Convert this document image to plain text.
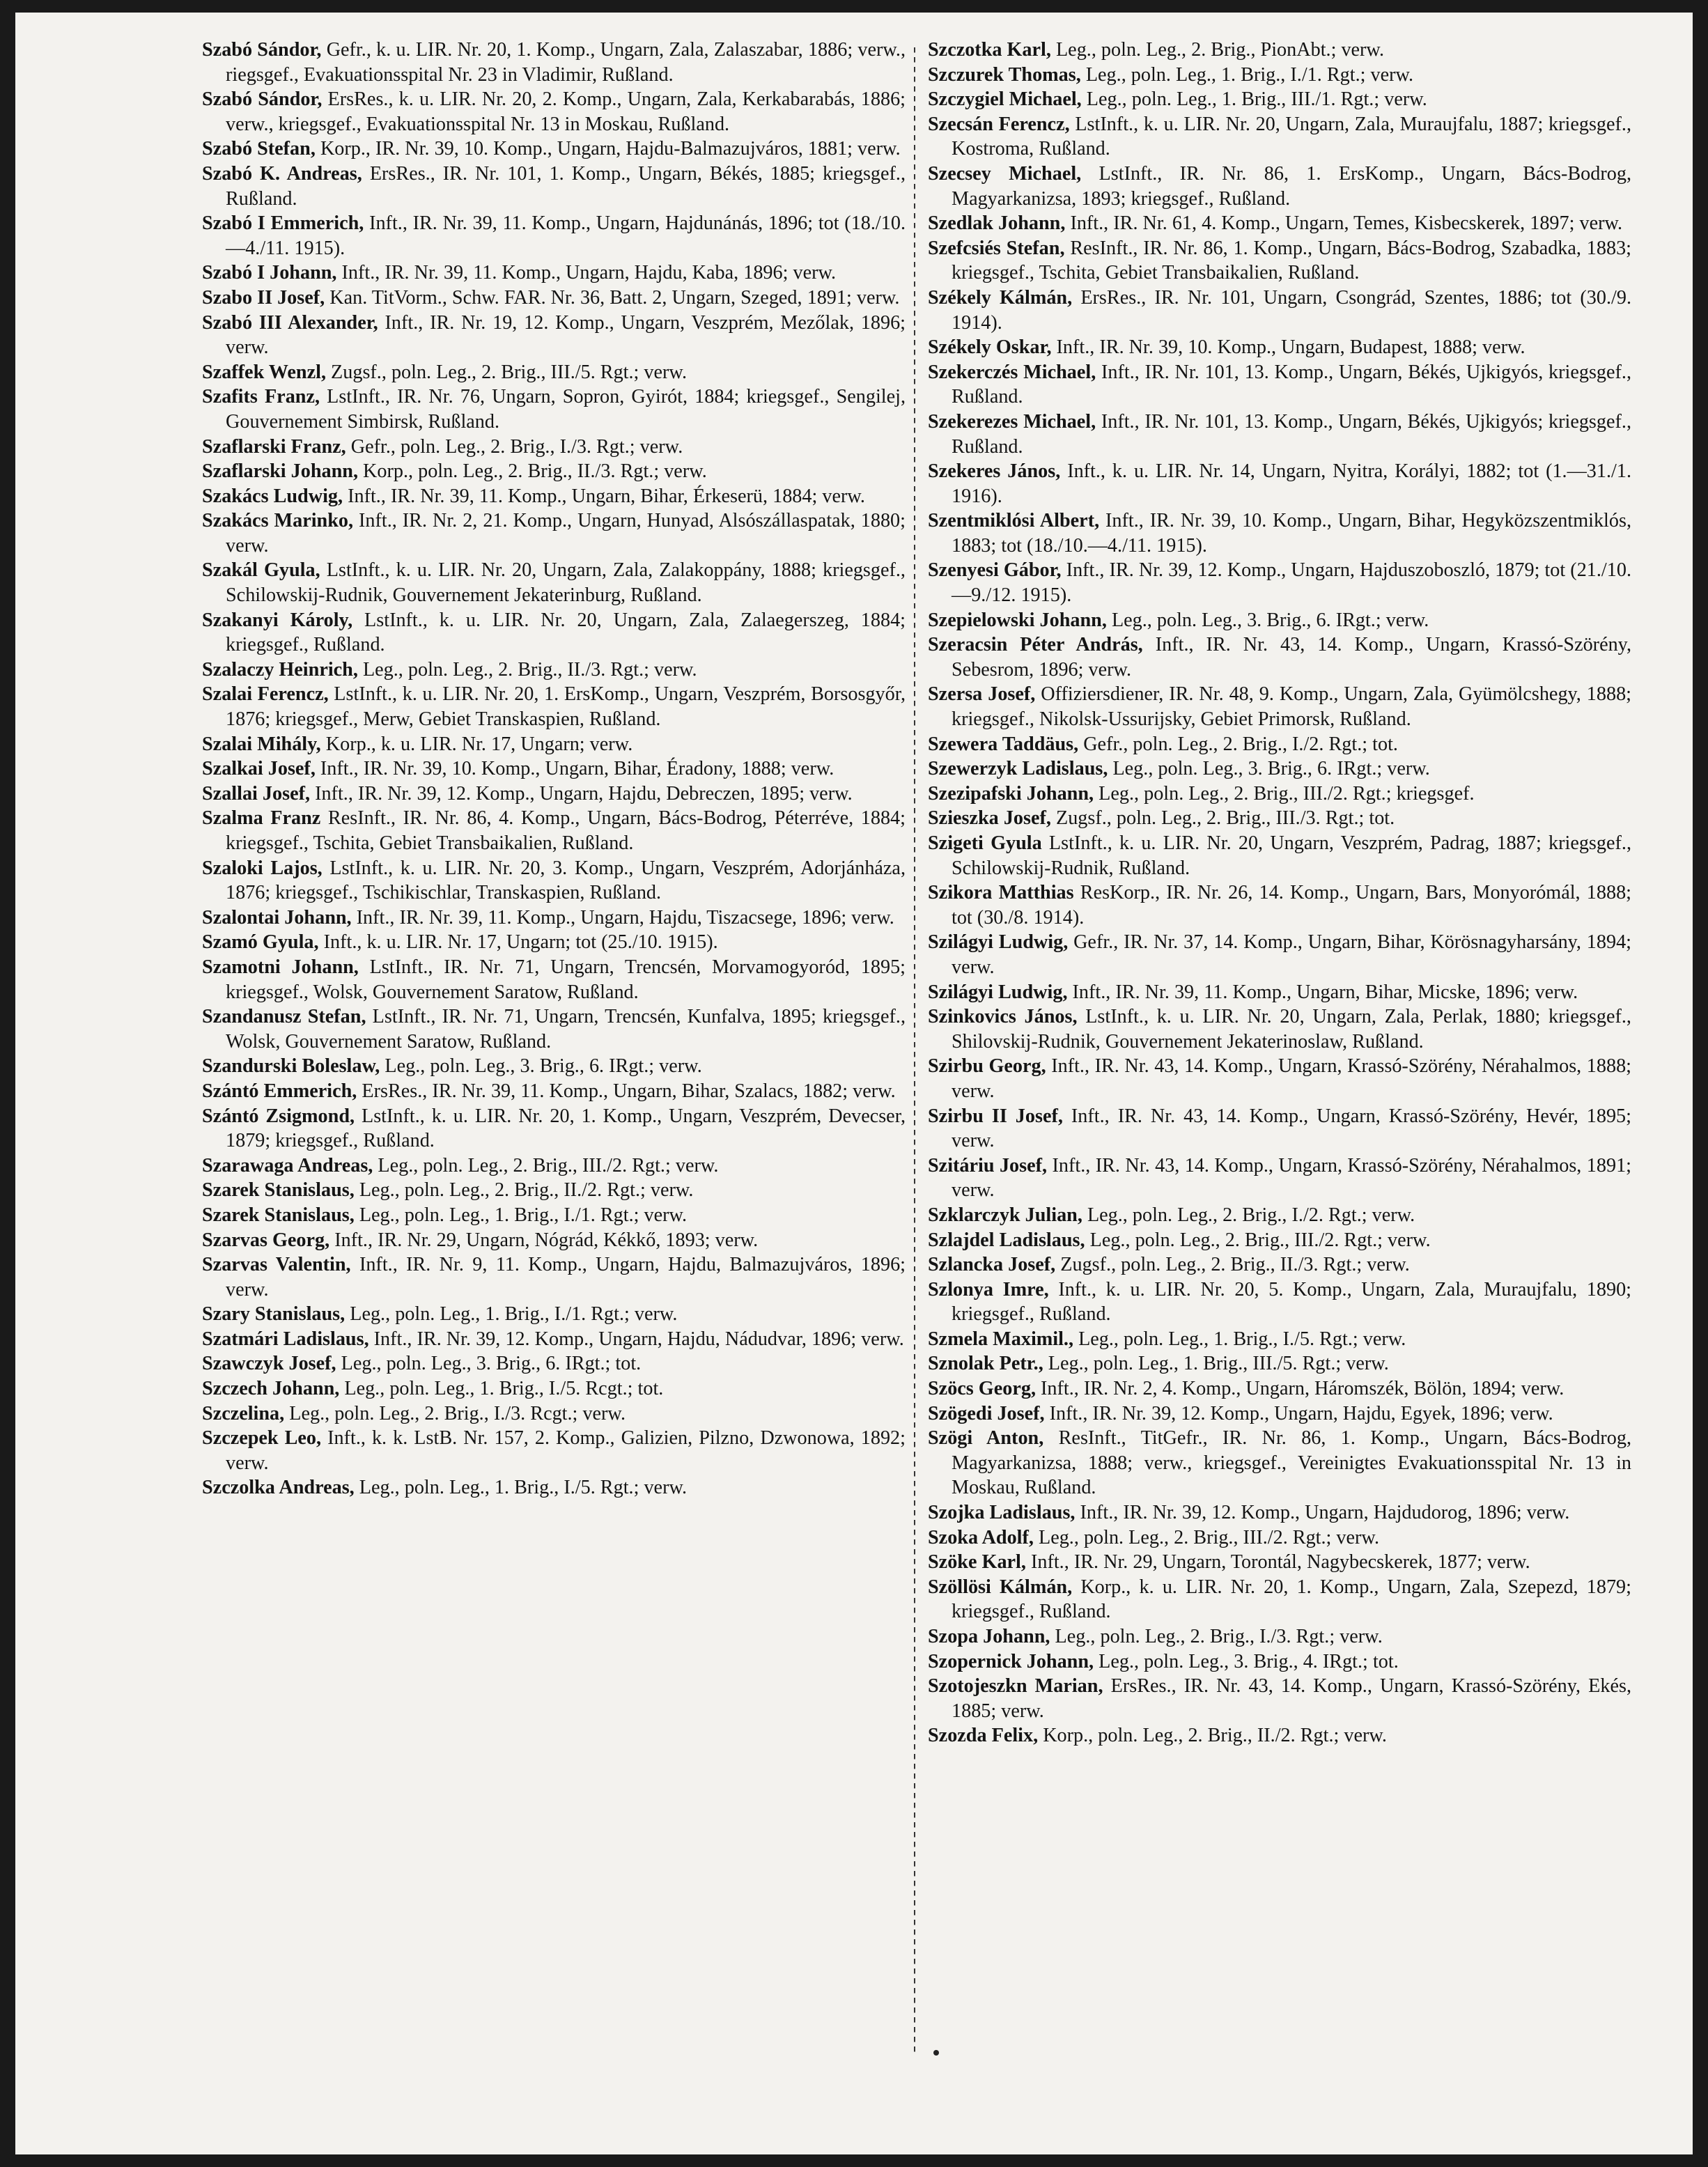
Szabó Sándor, Gefr., k. u. LIR. Nr. 20, 1. Komp., Ungarn, Zala, Zalaszabar, 1886; verw., riegsgef., Evakuationsspital Nr. 23 in Vladimir, Rußland.
Szabó Sándor, ErsRes., k. u. LIR. Nr. 20, 2. Komp., Ungarn, Zala, Kerkabarabás, 1886; verw., kriegsgef., Evakuationsspital Nr. 13 in Moskau, Rußland.
Szabó Stefan, Korp., IR. Nr. 39, 10. Komp., Ungarn, Hajdu-Balmazujváros, 1881; verw.
Szabó K. Andreas, ErsRes., IR. Nr. 101, 1. Komp., Ungarn, Békés, 1885; kriegsgef., Rußland.
Szabó I Emmerich, Inft., IR. Nr. 39, 11. Komp., Ungarn, Hajdunánás, 1896; tot (18./10.—4./11. 1915).
Szabó I Johann, Inft., IR. Nr. 39, 11. Komp., Ungarn, Hajdu, Kaba, 1896; verw.
Szabo II Josef, Kan. TitVorm., Schw. FAR. Nr. 36, Batt. 2, Ungarn, Szeged, 1891; verw.
Szabó III Alexander, Inft., IR. Nr. 19, 12. Komp., Ungarn, Veszprém, Mezőlak, 1896; verw.
Szaffek Wenzl, Zugsf., poln. Leg., 2. Brig., III./5. Rgt.; verw.
Szafits Franz, LstInft., IR. Nr. 76, Ungarn, Sopron, Gyirót, 1884; kriegsgef., Sengilej, Gouvernement Simbirsk, Rußland.
Szaflarski Franz, Gefr., poln. Leg., 2. Brig., I./3. Rgt.; verw.
Szaflarski Johann, Korp., poln. Leg., 2. Brig., II./3. Rgt.; verw.
Szakács Ludwig, Inft., IR. Nr. 39, 11. Komp., Ungarn, Bihar, Érkeserü, 1884; verw.
Szakács Marinko, Inft., IR. Nr. 2, 21. Komp., Ungarn, Hunyad, Alsószállaspatak, 1880; verw.
Szakál Gyula, LstInft., k. u. LIR. Nr. 20, Ungarn, Zala, Zalakoppány, 1888; kriegsgef., Schilowskij-Rudnik, Gouvernement Jekaterinburg, Rußland.
Szakanyi Károly, LstInft., k. u. LIR. Nr. 20, Ungarn, Zala, Zalaegerszeg, 1884; kriegsgef., Rußland.
Szalaczy Heinrich, Leg., poln. Leg., 2. Brig., II./3. Rgt.; verw.
Szalai Ferencz, LstInft., k. u. LIR. Nr. 20, 1. ErsKomp., Ungarn, Veszprém, Borsosgyőr, 1876; kriegsgef., Merw, Gebiet Transkaspien, Rußland.
Szalai Mihály, Korp., k. u. LIR. Nr. 17, Ungarn; verw.
Szalkai Josef, Inft., IR. Nr. 39, 10. Komp., Ungarn, Bihar, Éradony, 1888; verw.
Szallai Josef, Inft., IR. Nr. 39, 12. Komp., Ungarn, Hajdu, Debreczen, 1895; verw.
Szalma Franz ResInft., IR. Nr. 86, 4. Komp., Ungarn, Bács-Bodrog, Péterréve, 1884; kriegsgef., Tschita, Gebiet Transbaikalien, Rußland.
Szaloki Lajos, LstInft., k. u. LIR. Nr. 20, 3. Komp., Ungarn, Veszprém, Adorjánháza, 1876; kriegsgef., Tschikischlar, Transkaspien, Rußland.
Szalontai Johann, Inft., IR. Nr. 39, 11. Komp., Ungarn, Hajdu, Tiszacsege, 1896; verw.
Szamó Gyula, Inft., k. u. LIR. Nr. 17, Ungarn; tot (25./10. 1915).
Szamotni Johann, LstInft., IR. Nr. 71, Ungarn, Trencsén, Morvamogyoród, 1895; kriegsgef., Wolsk, Gouvernement Saratow, Rußland.
Szandanusz Stefan, LstInft., IR. Nr. 71, Ungarn, Trencsén, Kunfalva, 1895; kriegsgef., Wolsk, Gouvernement Saratow, Rußland.
Szandurski Boleslaw, Leg., poln. Leg., 3. Brig., 6. IRgt.; verw.
Szántó Emmerich, ErsRes., IR. Nr. 39, 11. Komp., Ungarn, Bihar, Szalacs, 1882; verw.
Szántó Zsigmond, LstInft., k. u. LIR. Nr. 20, 1. Komp., Ungarn, Veszprém, Devecser, 1879; kriegsgef., Rußland.
Szarawaga Andreas, Leg., poln. Leg., 2. Brig., III./2. Rgt.; verw.
Szarek Stanislaus, Leg., poln. Leg., 2. Brig., II./2. Rgt.; verw.
Szarek Stanislaus, Leg., poln. Leg., 1. Brig., I./1. Rgt.; verw.
Szarvas Georg, Inft., IR. Nr. 29, Ungarn, Nógrád, Kékkő, 1893; verw.
Szarvas Valentin, Inft., IR. Nr. 9, 11. Komp., Ungarn, Hajdu, Balmazujváros, 1896; verw.
Szary Stanislaus, Leg., poln. Leg., 1. Brig., I./1. Rgt.; verw.
Szatmári Ladislaus, Inft., IR. Nr. 39, 12. Komp., Ungarn, Hajdu, Nádudvar, 1896; verw.
Szawczyk Josef, Leg., poln. Leg., 3. Brig., 6. IRgt.; tot.
Szczech Johann, Leg., poln. Leg., 1. Brig., I./5. Rcgt.; tot.
Szczelina, Leg., poln. Leg., 2. Brig., I./3. Rcgt.; verw.
Szczepek Leo, Inft., k. k. LstB. Nr. 157, 2. Komp., Galizien, Pilzno, Dzwonowa, 1892; verw.
Szczolka Andreas, Leg., poln. Leg., 1. Brig., I./5. Rgt.; verw.
Szczotka Karl, Leg., poln. Leg., 2. Brig., PionAbt.; verw.
Szczurek Thomas, Leg., poln. Leg., 1. Brig., I./1. Rgt.; verw.
Szczygiel Michael, Leg., poln. Leg., 1. Brig., III./1. Rgt.; verw.
Szecsán Ferencz, LstInft., k. u. LIR. Nr. 20, Ungarn, Zala, Muraujfalu, 1887; kriegsgef., Kostroma, Rußland.
Szecsey Michael, LstInft., IR. Nr. 86, 1. ErsKomp., Ungarn, Bács-Bodrog, Magyarkanizsa, 1893; kriegsgef., Rußland.
Szedlak Johann, Inft., IR. Nr. 61, 4. Komp., Ungarn, Temes, Kisbecskerek, 1897; verw.
Szefcsiés Stefan, ResInft., IR. Nr. 86, 1. Komp., Ungarn, Bács-Bodrog, Szabadka, 1883; kriegsgef., Tschita, Gebiet Transbaikalien, Rußland.
Székely Kálmán, ErsRes., IR. Nr. 101, Ungarn, Csongrád, Szentes, 1886; tot (30./9. 1914).
Székely Oskar, Inft., IR. Nr. 39, 10. Komp., Ungarn, Budapest, 1888; verw.
Szekerczés Michael, Inft., IR. Nr. 101, 13. Komp., Ungarn, Békés, Ujkigyós, kriegsgef., Rußland.
Szekerezes Michael, Inft., IR. Nr. 101, 13. Komp., Ungarn, Békés, Ujkigyós; kriegsgef., Rußland.
Szekeres János, Inft., k. u. LIR. Nr. 14, Ungarn, Nyitra, Korályi, 1882; tot (1.—31./1. 1916).
Szentmiklósi Albert, Inft., IR. Nr. 39, 10. Komp., Ungarn, Bihar, Hegyközszentmiklós, 1883; tot (18./10.—4./11. 1915).
Szenyesi Gábor, Inft., IR. Nr. 39, 12. Komp., Ungarn, Hajduszoboszló, 1879; tot (21./10.—9./12. 1915).
Szepielowski Johann, Leg., poln. Leg., 3. Brig., 6. IRgt.; verw.
Szeracsin Péter András, Inft., IR. Nr. 43, 14. Komp., Ungarn, Krassó-Szörény, Sebesrom, 1896; verw.
Szersa Josef, Offiziersdiener, IR. Nr. 48, 9. Komp., Ungarn, Zala, Gyümölcshegy, 1888; kriegsgef., Nikolsk-Ussurijsky, Gebiet Primorsk, Rußland.
Szewera Taddäus, Gefr., poln. Leg., 2. Brig., I./2. Rgt.; tot.
Szewerzyk Ladislaus, Leg., poln. Leg., 3. Brig., 6. IRgt.; verw.
Szezipafski Johann, Leg., poln. Leg., 2. Brig., III./2. Rgt.; kriegsgef.
Szieszka Josef, Zugsf., poln. Leg., 2. Brig., III./3. Rgt.; tot.
Szigeti Gyula LstInft., k. u. LIR. Nr. 20, Ungarn, Veszprém, Padrag, 1887; kriegsgef., Schilowskij-Rudnik, Rußland.
Szikora Matthias ResKorp., IR. Nr. 26, 14. Komp., Ungarn, Bars, Monyorómál, 1888; tot (30./8. 1914).
Szilágyi Ludwig, Gefr., IR. Nr. 37, 14. Komp., Ungarn, Bihar, Körösnagyharsány, 1894; verw.
Szilágyi Ludwig, Inft., IR. Nr. 39, 11. Komp., Ungarn, Bihar, Micske, 1896; verw.
Szinkovics János, LstInft., k. u. LIR. Nr. 20, Ungarn, Zala, Perlak, 1880; kriegsgef., Shilovskij-Rudnik, Gouvernement Jekaterinoslaw, Rußland.
Szirbu Georg, Inft., IR. Nr. 43, 14. Komp., Ungarn, Krassó-Szörény, Nérahalmos, 1888; verw.
Szirbu II Josef, Inft., IR. Nr. 43, 14. Komp., Ungarn, Krassó-Szörény, Hevér, 1895; verw.
Szitáriu Josef, Inft., IR. Nr. 43, 14. Komp., Ungarn, Krassó-Szörény, Nérahalmos, 1891; verw.
Szklarczyk Julian, Leg., poln. Leg., 2. Brig., I./2. Rgt.; verw.
Szlajdel Ladislaus, Leg., poln. Leg., 2. Brig., III./2. Rgt.; verw.
Szlancka Josef, Zugsf., poln. Leg., 2. Brig., II./3. Rgt.; verw.
Szlonya Imre, Inft., k. u. LIR. Nr. 20, 5. Komp., Ungarn, Zala, Muraujfalu, 1890; kriegsgef., Rußland.
Szmela Maximil., Leg., poln. Leg., 1. Brig., I./5. Rgt.; verw.
Sznolak Petr., Leg., poln. Leg., 1. Brig., III./5. Rgt.; verw.
Szöcs Georg, Inft., IR. Nr. 2, 4. Komp., Ungarn, Háromszék, Bölön, 1894; verw.
Szögedi Josef, Inft., IR. Nr. 39, 12. Komp., Ungarn, Hajdu, Egyek, 1896; verw.
Szögi Anton, ResInft., TitGefr., IR. Nr. 86, 1. Komp., Ungarn, Bács-Bodrog, Magyarkanizsa, 1888; verw., kriegsgef., Vereinigtes Evakuationsspital Nr. 13 in Moskau, Rußland.
Szojka Ladislaus, Inft., IR. Nr. 39, 12. Komp., Ungarn, Hajdudorog, 1896; verw.
Szoka Adolf, Leg., poln. Leg., 2. Brig., III./2. Rgt.; verw.
Szöke Karl, Inft., IR. Nr. 29, Ungarn, Torontál, Nagybecskerek, 1877; verw.
Szöllösi Kálmán, Korp., k. u. LIR. Nr. 20, 1. Komp., Ungarn, Zala, Szepezd, 1879; kriegsgef., Rußland.
Szopa Johann, Leg., poln. Leg., 2. Brig., I./3. Rgt.; verw.
Szopernick Johann, Leg., poln. Leg., 3. Brig., 4. IRgt.; tot.
Szotojeszkn Marian, ErsRes., IR. Nr. 43, 14. Komp., Ungarn, Krassó-Szörény, Ekés, 1885; verw.
Szozda Felix, Korp., poln. Leg., 2. Brig., II./2. Rgt.; verw.
